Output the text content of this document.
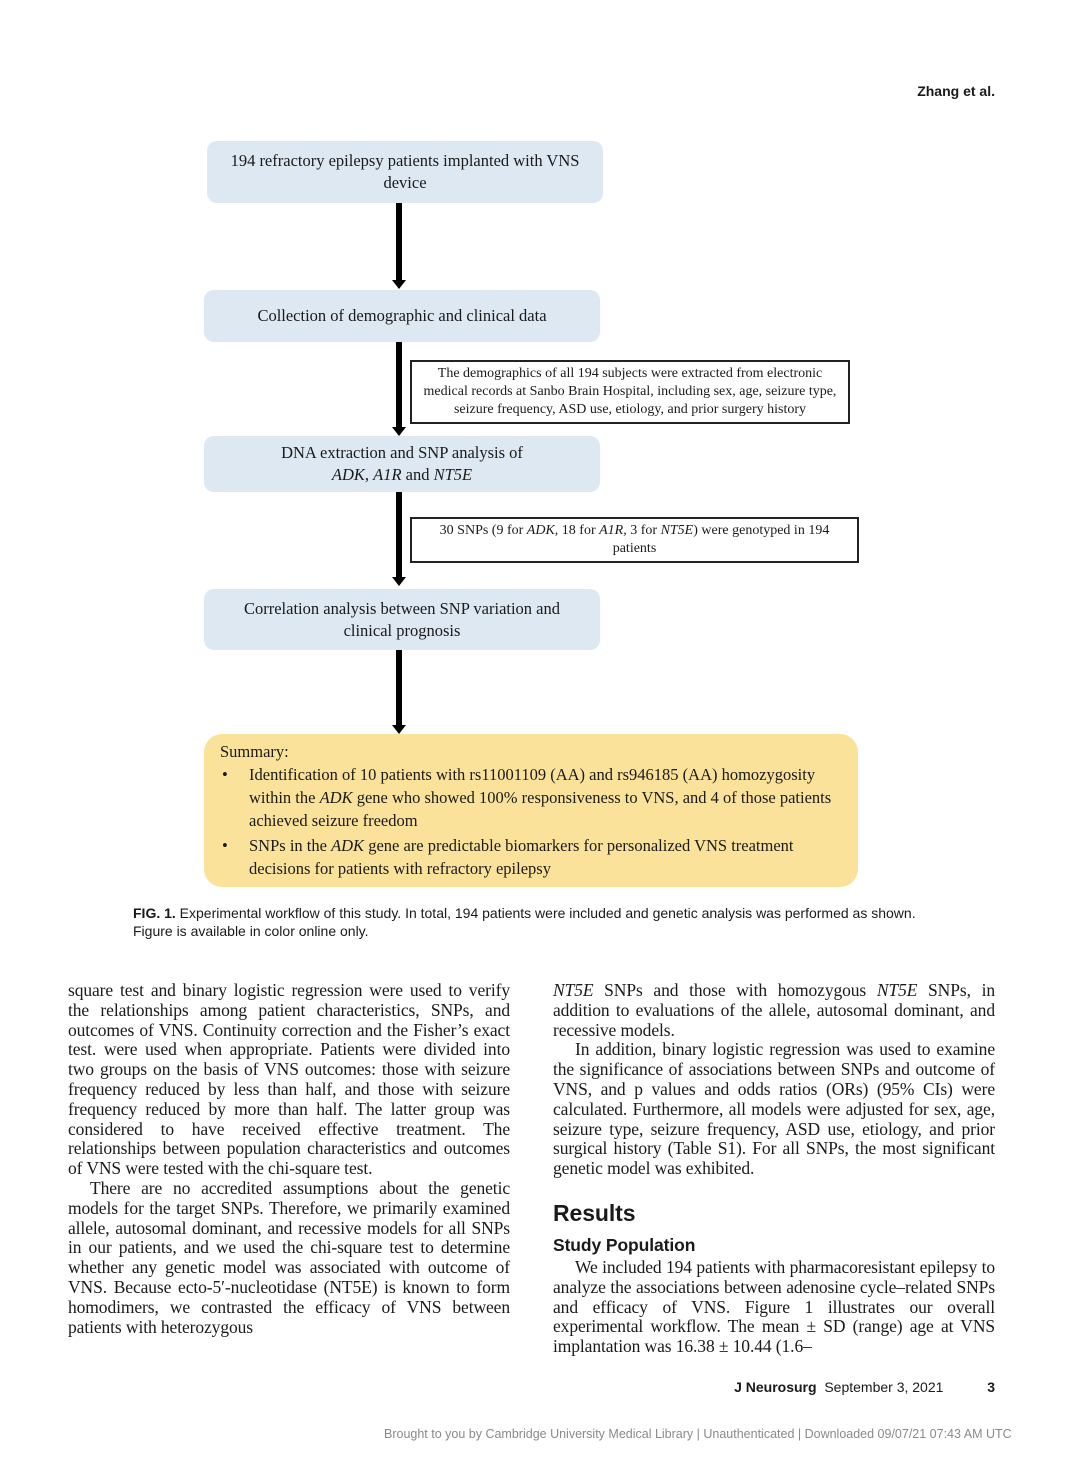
Zhang et al.
194 refractory epilepsy patients implanted with VNS device
Collection of demographic and clinical data
The demographics of all 194 subjects were extracted from electronic medical records at Sanbo Brain Hospital, including sex, age, seizure type, seizure frequency, ASD use, etiology, and prior surgery history
DNA extraction and SNP analysis of
ADK, A1R and NT5E
30 SNPs (9 for ADK, 18 for A1R, 3 for NT5E) were genotyped in 194 patients
Correlation analysis between SNP variation and clinical prognosis
Summary:
• Identification of 10 patients with rs11001109 (AA) and rs946185 (AA) homozygosity within the ADK gene who showed 100% responsiveness to VNS, and 4 of those patients achieved seizure freedom
• SNPs in the ADK gene are predictable biomarkers for personalized VNS treatment decisions for patients with refractory epilepsy
FIG. 1. Experimental workflow of this study. In total, 194 patients were included and genetic analysis was performed as shown. Figure is available in color online only.

square test and binary logistic regression were used to verify the relationships among patient characteristics, SNPs, and outcomes of VNS. Continuity correction and the Fisher’s exact test. were used when appropriate. Patients were divided into two groups on the basis of VNS outcomes: those with seizure frequency reduced by less than half, and those with seizure frequency reduced by more than half. The latter group was considered to have received effective treatment. The relationships between population characteristics and outcomes of VNS were tested with the chi-square test.

There are no accredited assumptions about the genetic models for the target SNPs. Therefore, we primarily examined allele, autosomal dominant, and recessive models for all SNPs in our patients, and we used the chi-square test to determine whether any genetic model was associated with outcome of VNS. Because ecto-5′-nucleotidase (NT5E) is known to form homodimers, we contrasted the efficacy of VNS between patients with heterozygous

NT5E SNPs and those with homozygous NT5E SNPs, in addition to evaluations of the allele, autosomal dominant, and recessive models.

In addition, binary logistic regression was used to examine the significance of associations between SNPs and outcome of VNS, and p values and odds ratios (ORs) (95% CIs) were calculated. Furthermore, all models were adjusted for sex, age, seizure type, seizure frequency, ASD use, etiology, and prior surgical history (Table S1). For all SNPs, the most significant genetic model was exhibited.

Results
Study Population

We included 194 patients with pharmacoresistant epilepsy to analyze the associations between adenosine cycle–related SNPs and efficacy of VNS. Figure 1 illustrates our overall experimental workflow. The mean ± SD (range) age at VNS implantation was 16.38 ± 10.44 (1.6–

J Neurosurg September 3, 2021	3
Brought to you by Cambridge University Medical Library | Unauthenticated | Downloaded 09/07/21 07:43 AM UTC
